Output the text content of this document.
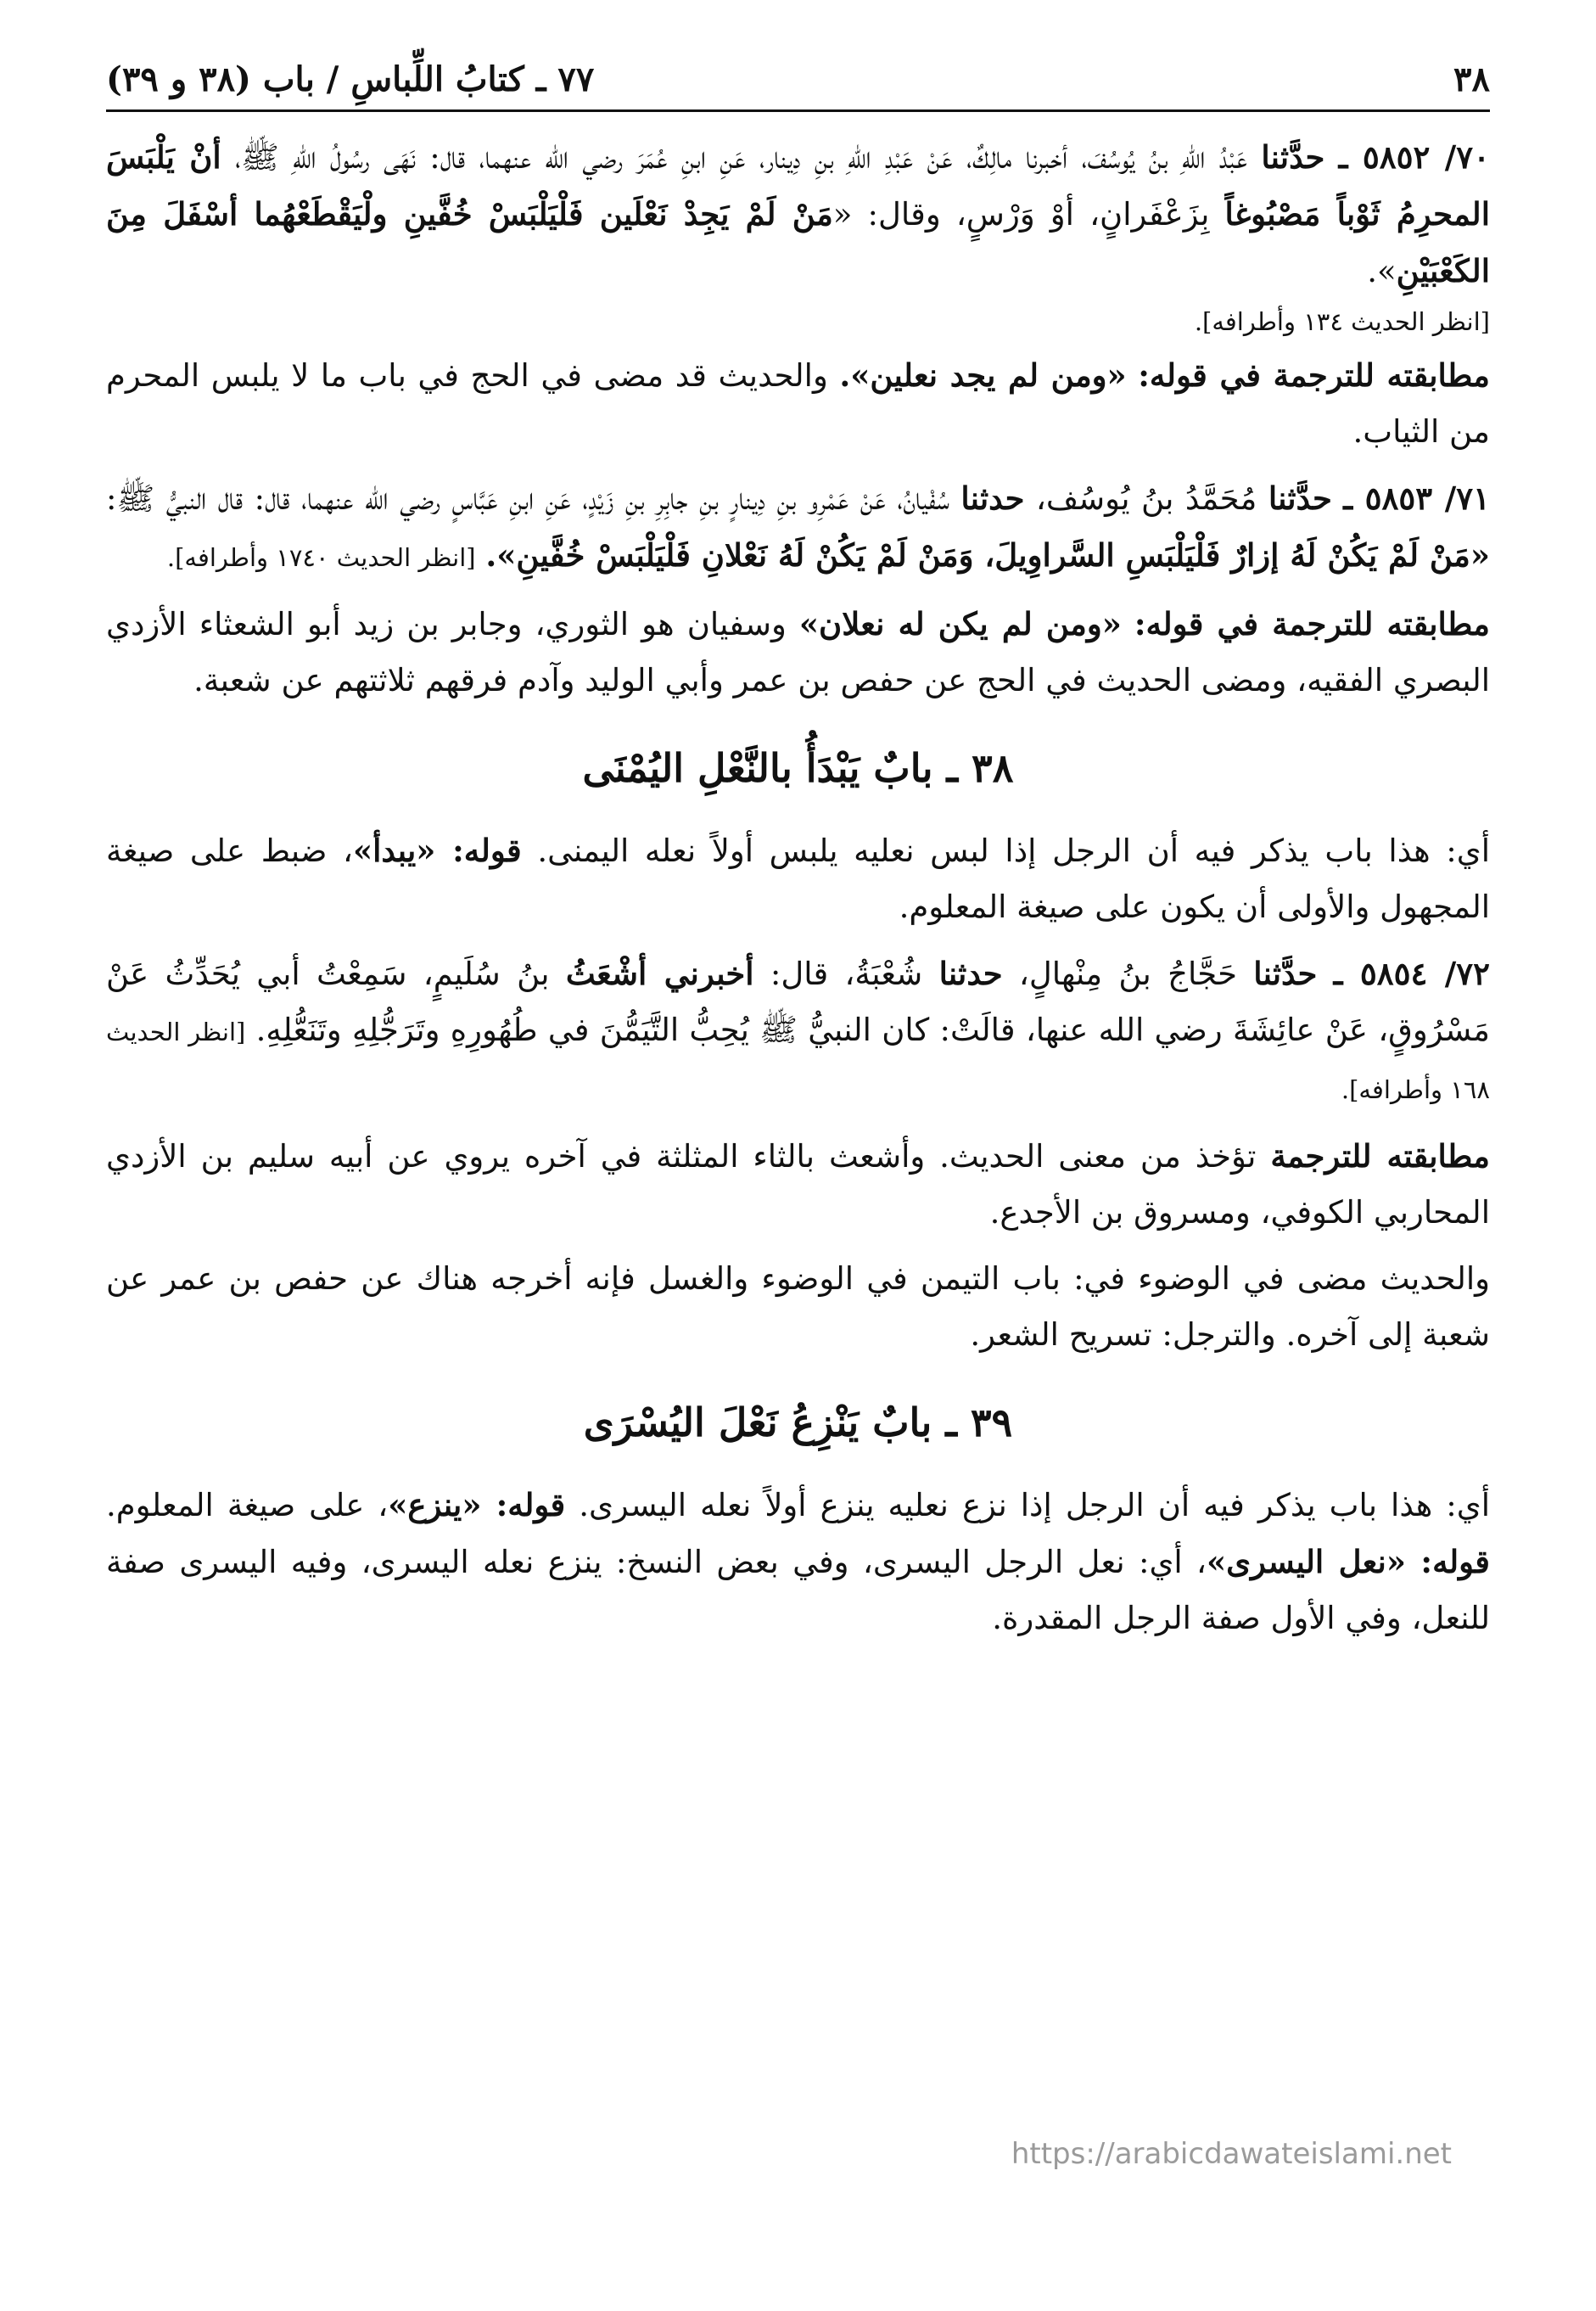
٣٨
٧٧ ـ كتابُ اللِّباسِ / باب (٣٨ و ٣٩)

٧٠/ ٥٨٥٢ ـ حدَّثنا عَبْدُ اللهِ بنُ يُوسُفَ، أخبرنا مالِكٌ، عَنْ عَبْدِ اللهِ بنِ دِينار، عَنِ ابنِ عُمَرَ رضي الله عنهما، قال: نَهَى رسُولُ اللهِ ﷺ، أنْ يَلْبَسَ المحرِمُ ثَوْباً مَصْبُوغاً بِزَعْفَرانٍ، أوْ وَرْسٍ، وقال: «مَنْ لَمْ يَجِدْ نَعْلَين فَلْيَلْبَسْ خُفَّينِ ولْيَقْطَعْهُما أسْفَلَ مِنَ الكَعْبَيْنِ».

[انظر الحديث ١٣٤ وأطرافه].

مطابقته للترجمة في قوله: «ومن لم يجد نعلين». والحديث قد مضى في الحج في باب ما لا يلبس المحرم من الثياب.

٧١/ ٥٨٥٣ ـ حدَّثنا مُحَمَّدُ بنُ يُوسُف، حدثنا سُفْيانُ، عَنْ عَمْرِو بنِ دِينارٍ بنِ جابِرِ بنِ زَيْدٍ، عَنِ ابنِ عَبَّاسٍ رضي الله عنهما، قال: قال النبيُّ ﷺ: «مَنْ لَمْ يَكُنْ لَهُ إزارٌ فَلْيَلْبَسِ السَّراوِيلَ، وَمَنْ لَمْ يَكُنْ لَهُ نَعْلانِ فَلْيَلْبَسْ خُفَّينِ». [انظر الحديث ١٧٤٠ وأطرافه].

مطابقته للترجمة في قوله: «ومن لم يكن له نعلان» وسفيان هو الثوري، وجابر بن زيد أبو الشعثاء الأزدي البصري الفقيه، ومضى الحديث في الحج عن حفص بن عمر وأبي الوليد وآدم فرقهم ثلاثتهم عن شعبة.

٣٨ ـ بابٌ يَبْدَأُ بالنَّعْلِ اليُمْنَى

أي: هذا باب يذكر فيه أن الرجل إذا لبس نعليه يلبس أولاً نعله اليمنى. قوله: «يبدأ»، ضبط على صيغة المجهول والأولى أن يكون على صيغة المعلوم.

٧٢/ ٥٨٥٤ ـ حدَّثنا حَجَّاجُ بنُ مِنْهالٍ، حدثنا شُعْبَةُ، قال: أخبرني أشْعَثُ بنُ سُلَيمٍ، سَمِعْتُ أبي يُحَدِّثُ عَنْ مَسْرُوقٍ، عَنْ عائِشَةَ رضي الله عنها، قالَتْ: كان النبيُّ ﷺ يُحِبُّ التَّيَمُّنَ في طُهُورِهِ وتَرَجُّلِهِ وتَنَعُّلِهِ. [انظر الحديث ١٦٨ وأطرافه].

مطابقته للترجمة تؤخذ من معنى الحديث. وأشعث بالثاء المثلثة في آخره يروي عن أبيه سليم بن الأزدي المحاربي الكوفي، ومسروق بن الأجدع.

والحديث مضى في الوضوء في: باب التيمن في الوضوء والغسل فإنه أخرجه هناك عن حفص بن عمر عن شعبة إلى آخره. والترجل: تسريح الشعر.

٣٩ ـ بابٌ يَنْزِعُ نَعْلَ اليُسْرَى

أي: هذا باب يذكر فيه أن الرجل إذا نزع نعليه ينزع أولاً نعله اليسرى. قوله: «ينزع»، على صيغة المعلوم. قوله: «نعل اليسرى»، أي: نعل الرجل اليسرى، وفي بعض النسخ: ينزع نعله اليسرى، وفيه اليسرى صفة للنعل، وفي الأول صفة الرجل المقدرة.

https://arabicdawateislami.net
